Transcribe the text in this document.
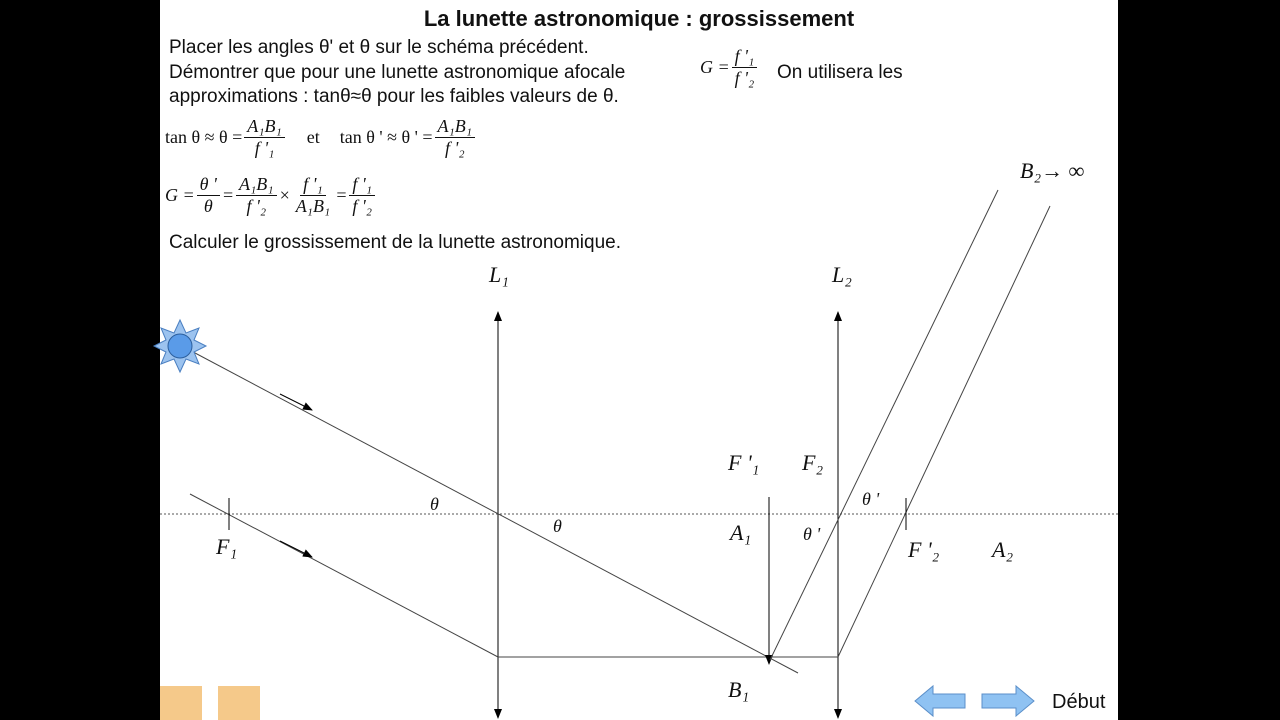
La lunette astronomique : grossissement
Placer les angles θ' et θ sur le schéma précédent.
Démontrer que pour une lunette astronomique afocale	$G = \frac{\text{f '₁}}{\text{f '₂}}$ On utilisera les
approximations : tanθ≈θ pour les faibles valeurs de θ.
$\tan \theta \approx \theta = \frac{\text{A₁B₁}}{\text{f '₁}}$ et tan θ ' ≈ θ ' = $\frac{\text{A₁B₁}}{\text{f '₂}}$
$G = \frac{\theta '}{\theta} = \frac{\text{A₁B₁}}{\text{f '₂}} \times \frac{\text{f '₁}}{\text{A₁B₁}} = \frac{\text{f '₁}}{\text{f '₂}}$
Calculer le grossissement de la lunette astronomique.
L₁	L₂
F₁
F '₁ F₂
A₁
F '₂ A₂
B₁
B₂→ ∞
θ
θ
θ '
θ '
Début
